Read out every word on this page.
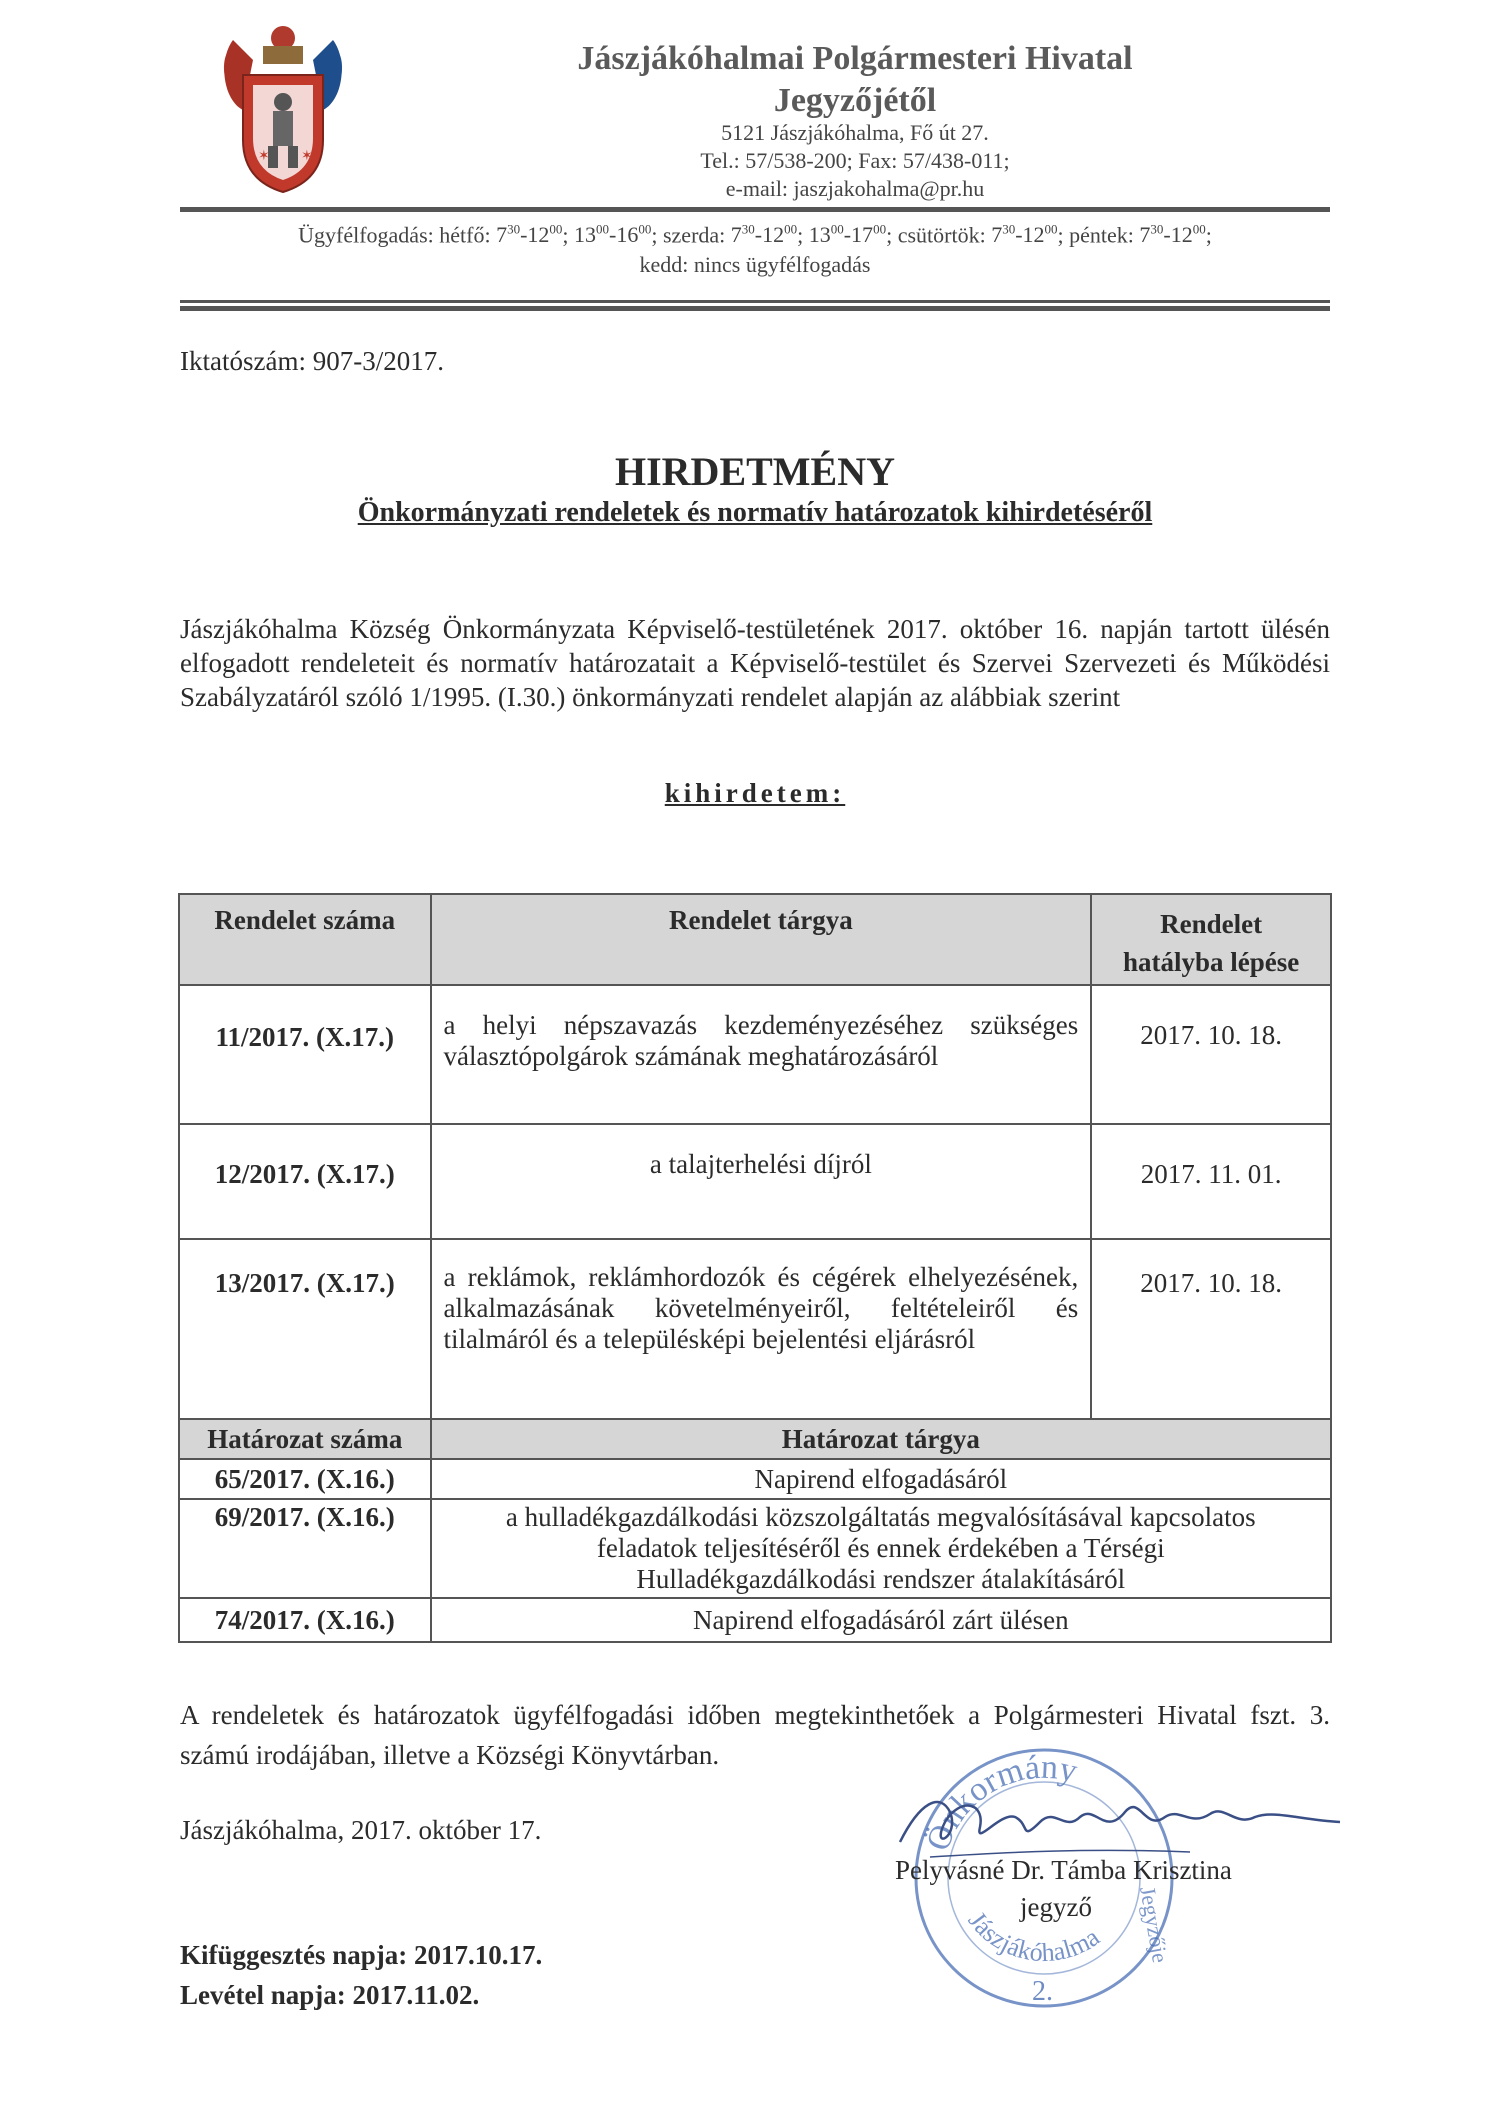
✶ ✶
Jászjákóhalmai Polgármesteri Hivatal
Jegyzőjétől
5121 Jászjákóhalma, Fő út 27.
Tel.: 57/538-200; Fax: 57/438-011;
e-mail: jaszjakohalma@pr.hu
Ügyfélfogadás: hétfő: $7^{30}-12^{00}$; $13^{00}-16^{00}$; szerda: $7^{30}-12^{00}$; $13^{00}-17^{00}$; csütörtök: $7^{30}-12^{00}$; péntek: $7^{30}-12^{00}$;
kedd: nincs ügyfélfogadás
Iktatószám: 907-3/2017.
HIRDETMÉNY
Önkormányzati rendeletek és normatív határozatok kihirdetéséről
Jászjákóhalma Község Önkormányzata Képviselő-testületének 2017. október 16. napján tartott ülésén elfogadott rendeleteit és normatív határozatait a Képviselő-testület és Szervei Szervezeti és Működési Szabályzatáról szóló 1/1995. (I.30.) önkormányzati rendelet alapján az alábbiak szerint
kihirdetem:
Rendelet száma	Rendelet tárgya	Rendelet hatályba lépése
11/2017. (X.17.)	a helyi népszavazás kezdeményezéséhez szükséges választópolgárok számának meghatározásáról	2017. 10. 18.
12/2017. (X.17.)	a talajterhelési díjról	2017. 11. 01.
13/2017. (X.17.)	a reklámok, reklámhordozók és cégérek elhelyezésének, alkalmazásának követelményeiről, feltételeiről és tilalmáról és a településképi bejelentési eljárásról	2017. 10. 18.
Határozat száma	Határozat tárgya
65/2017. (X.16.)	Napirend elfogadásáról
69/2017. (X.16.)	a hulladékgazdálkodási közszolgáltatás megvalósításával kapcsolatos feladatok teljesítéséről és ennek érdekében a Térségi Hulladékgazdálkodási rendszer átalakításáról
74/2017. (X.16.)	Napirend elfogadásáról zárt ülésen
A rendeletek és határozatok ügyfélfogadási időben megtekinthetőek a Polgármesteri Hivatal fszt. 3. számú irodájában, illetve a Községi Könyvtárban.
Jászjákóhalma, 2017. október 17.	Önkormány
Jászjákóhalma Jegyzője
2.
Pelyvásné Dr. Támba Krisztina
jegyző
Kifüggesztés napja: 2017.10.17.
Levétel napja: 2017.11.02.
